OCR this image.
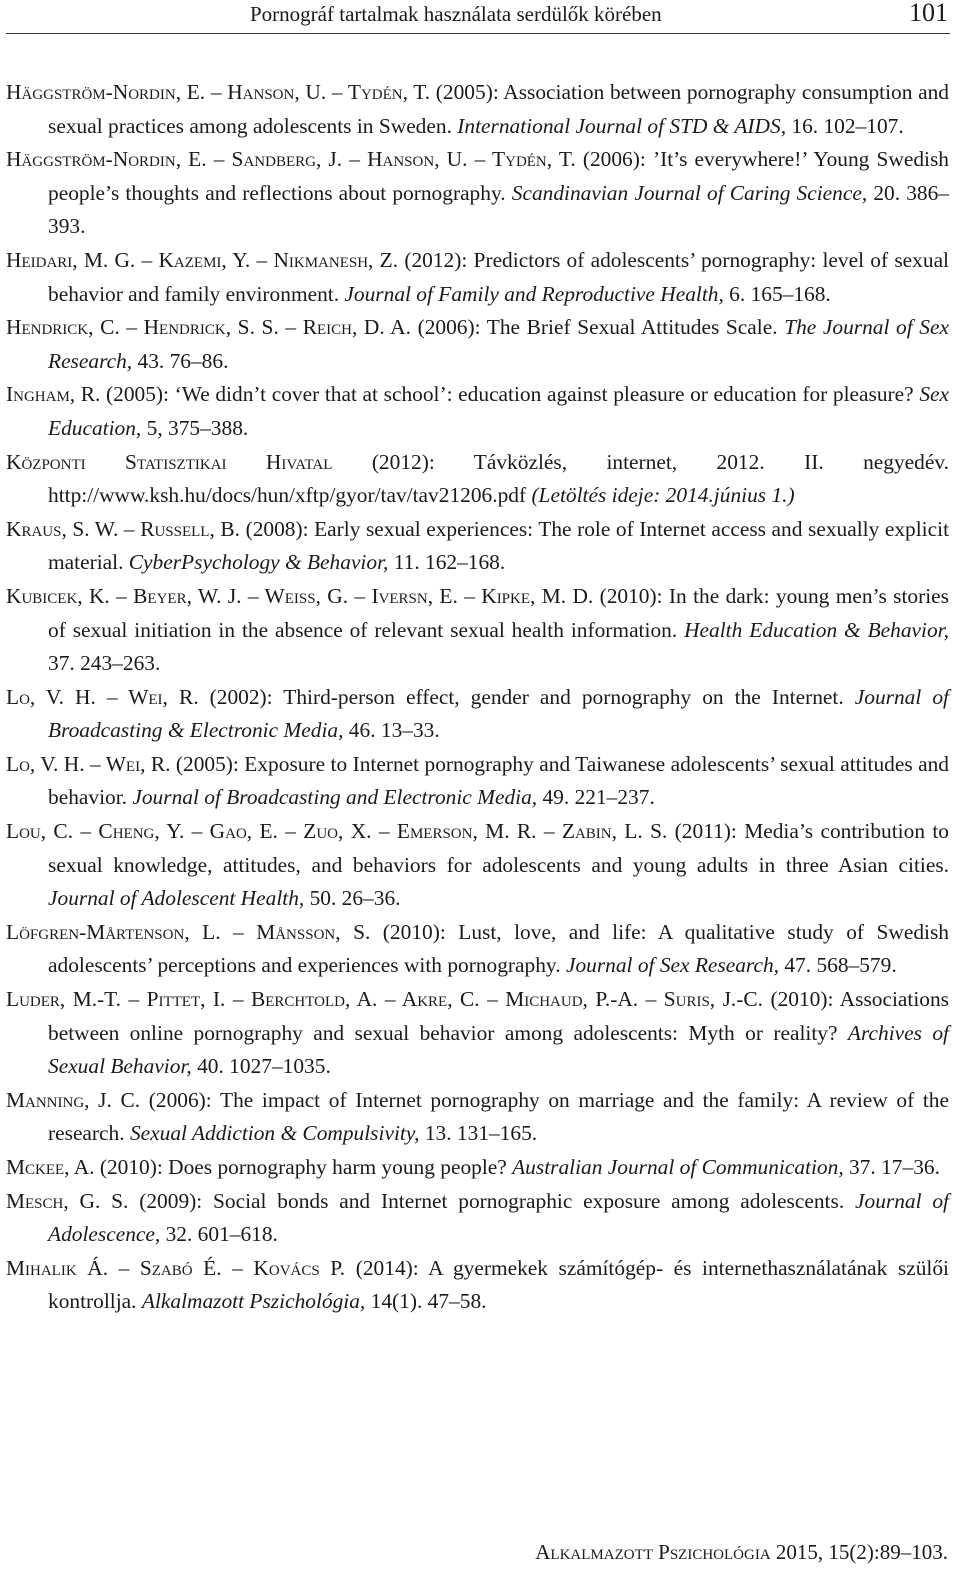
Pornográf tartalmak használata serdülők körében	101

Häggström-Nordin, E. – Hanson, U. – Tydén, T. (2005): Association between pornography consumption and sexual practices among adolescents in Sweden. International Journal of STD & AIDS, 16. 102–107.

Häggström-Nordin, E. – Sandberg, J. – Hanson, U. – Tydén, T. (2006): ’It’s everywhere!’ Young Swedish people’s thoughts and reflections about pornography. Scandinavian Journal of Caring Science, 20. 386–393.

Heidari, M. G. – Kazemi, Y. – Nikmanesh, Z. (2012): Predictors of adolescents’ pornography: level of sexual behavior and family environment. Journal of Family and Reproductive Health, 6. 165–168.

Hendrick, C. – Hendrick, S. S. – Reich, D. A. (2006): The Brief Sexual Attitudes Scale. The Journal of Sex Research, 43. 76–86.

Ingham, R. (2005): ‘We didn’t cover that at school’: education against pleasure or education for pleasure? Sex Education, 5, 375–388.

Központi Statisztikai Hivatal (2012): Távközlés, internet, 2012. II. negyedév. http://www.ksh.hu/docs/hun/xftp/gyor/tav/tav21206.pdf (Letöltés ideje: 2014.június 1.)

Kraus, S. W. – Russell, B. (2008): Early sexual experiences: The role of Internet access and sexually explicit material. CyberPsychology & Behavior, 11. 162–168.

Kubicek, K. – Beyer, W. J. – Weiss, G. – Iversn, E. – Kipke, M. D. (2010): In the dark: young men’s stories of sexual initiation in the absence of relevant sexual health information. Health Education & Behavior, 37. 243–263.

Lo, V. H. – Wei, R. (2002): Third-person effect, gender and pornography on the Internet. Journal of Broadcasting & Electronic Media, 46. 13–33.

Lo, V. H. – Wei, R. (2005): Exposure to Internet pornography and Taiwanese adolescents’ sexual attitudes and behavior. Journal of Broadcasting and Electronic Media, 49. 221–237.

Lou, C. – Cheng, Y. – Gao, E. – Zuo, X. – Emerson, M. R. – Zabin, L. S. (2011): Media’s contribution to sexual knowledge, attitudes, and behaviors for adolescents and young adults in three Asian cities. Journal of Adolescent Health, 50. 26–36.

Löfgren-Mårtenson, L. – Månsson, S. (2010): Lust, love, and life: A qualitative study of Swedish adolescents’ perceptions and experiences with pornography. Journal of Sex Research, 47. 568–579.

Luder, M.-T. – Pittet, I. – Berchtold, A. – Akre, C. – Michaud, P.-A. – Suris, J.-C. (2010): Associations between online pornography and sexual behavior among adolescents: Myth or reality? Archives of Sexual Behavior, 40. 1027–1035.

Manning, J. C. (2006): The impact of Internet pornography on marriage and the family: A review of the research. Sexual Addiction & Compulsivity, 13. 131–165.

Mckee, A. (2010): Does pornography harm young people? Australian Journal of Communication, 37. 17–36.

Mesch, G. S. (2009): Social bonds and Internet pornographic exposure among adolescents. Journal of Adolescence, 32. 601–618.

Mihalik Á. – Szabó É. – Kovács P. (2014): A gyermekek számítógép- és internethasználatának szülői kontrollja. Alkalmazott Pszichológia, 14(1). 47–58.

Alkalmazott Pszichológia 2015, 15(2):89–103.
